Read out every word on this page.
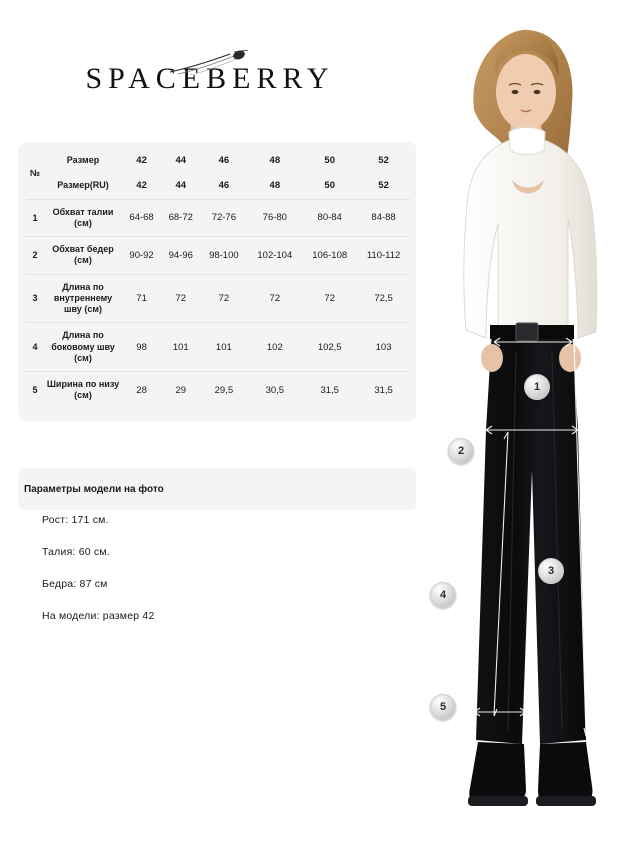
SPACEBERRY
№	Размер	42	44	46	48	50	52
	Размер(RU)	42	44	46	48	50	52
1	Обхват талии (см)	64-68	68-72	72-76	76-80	80-84	84-88
2	Обхват бедер (см)	90-92	94-96	98-100	102-104	106-108	110-112
3	Длина по внутреннему шву (см)	71	72	72	72	72	72,5
4	Длина по боковому шву (см)	98	101	101	102	102,5	103
5	Ширина по низу (см)	28	29	29,5	30,5	31,5	31,5
Параметры модели на фото
Рост: 171 см.
Талия: 60 см.
Бедра: 87 см
На модели: размер 42
1
2
3
4
5
